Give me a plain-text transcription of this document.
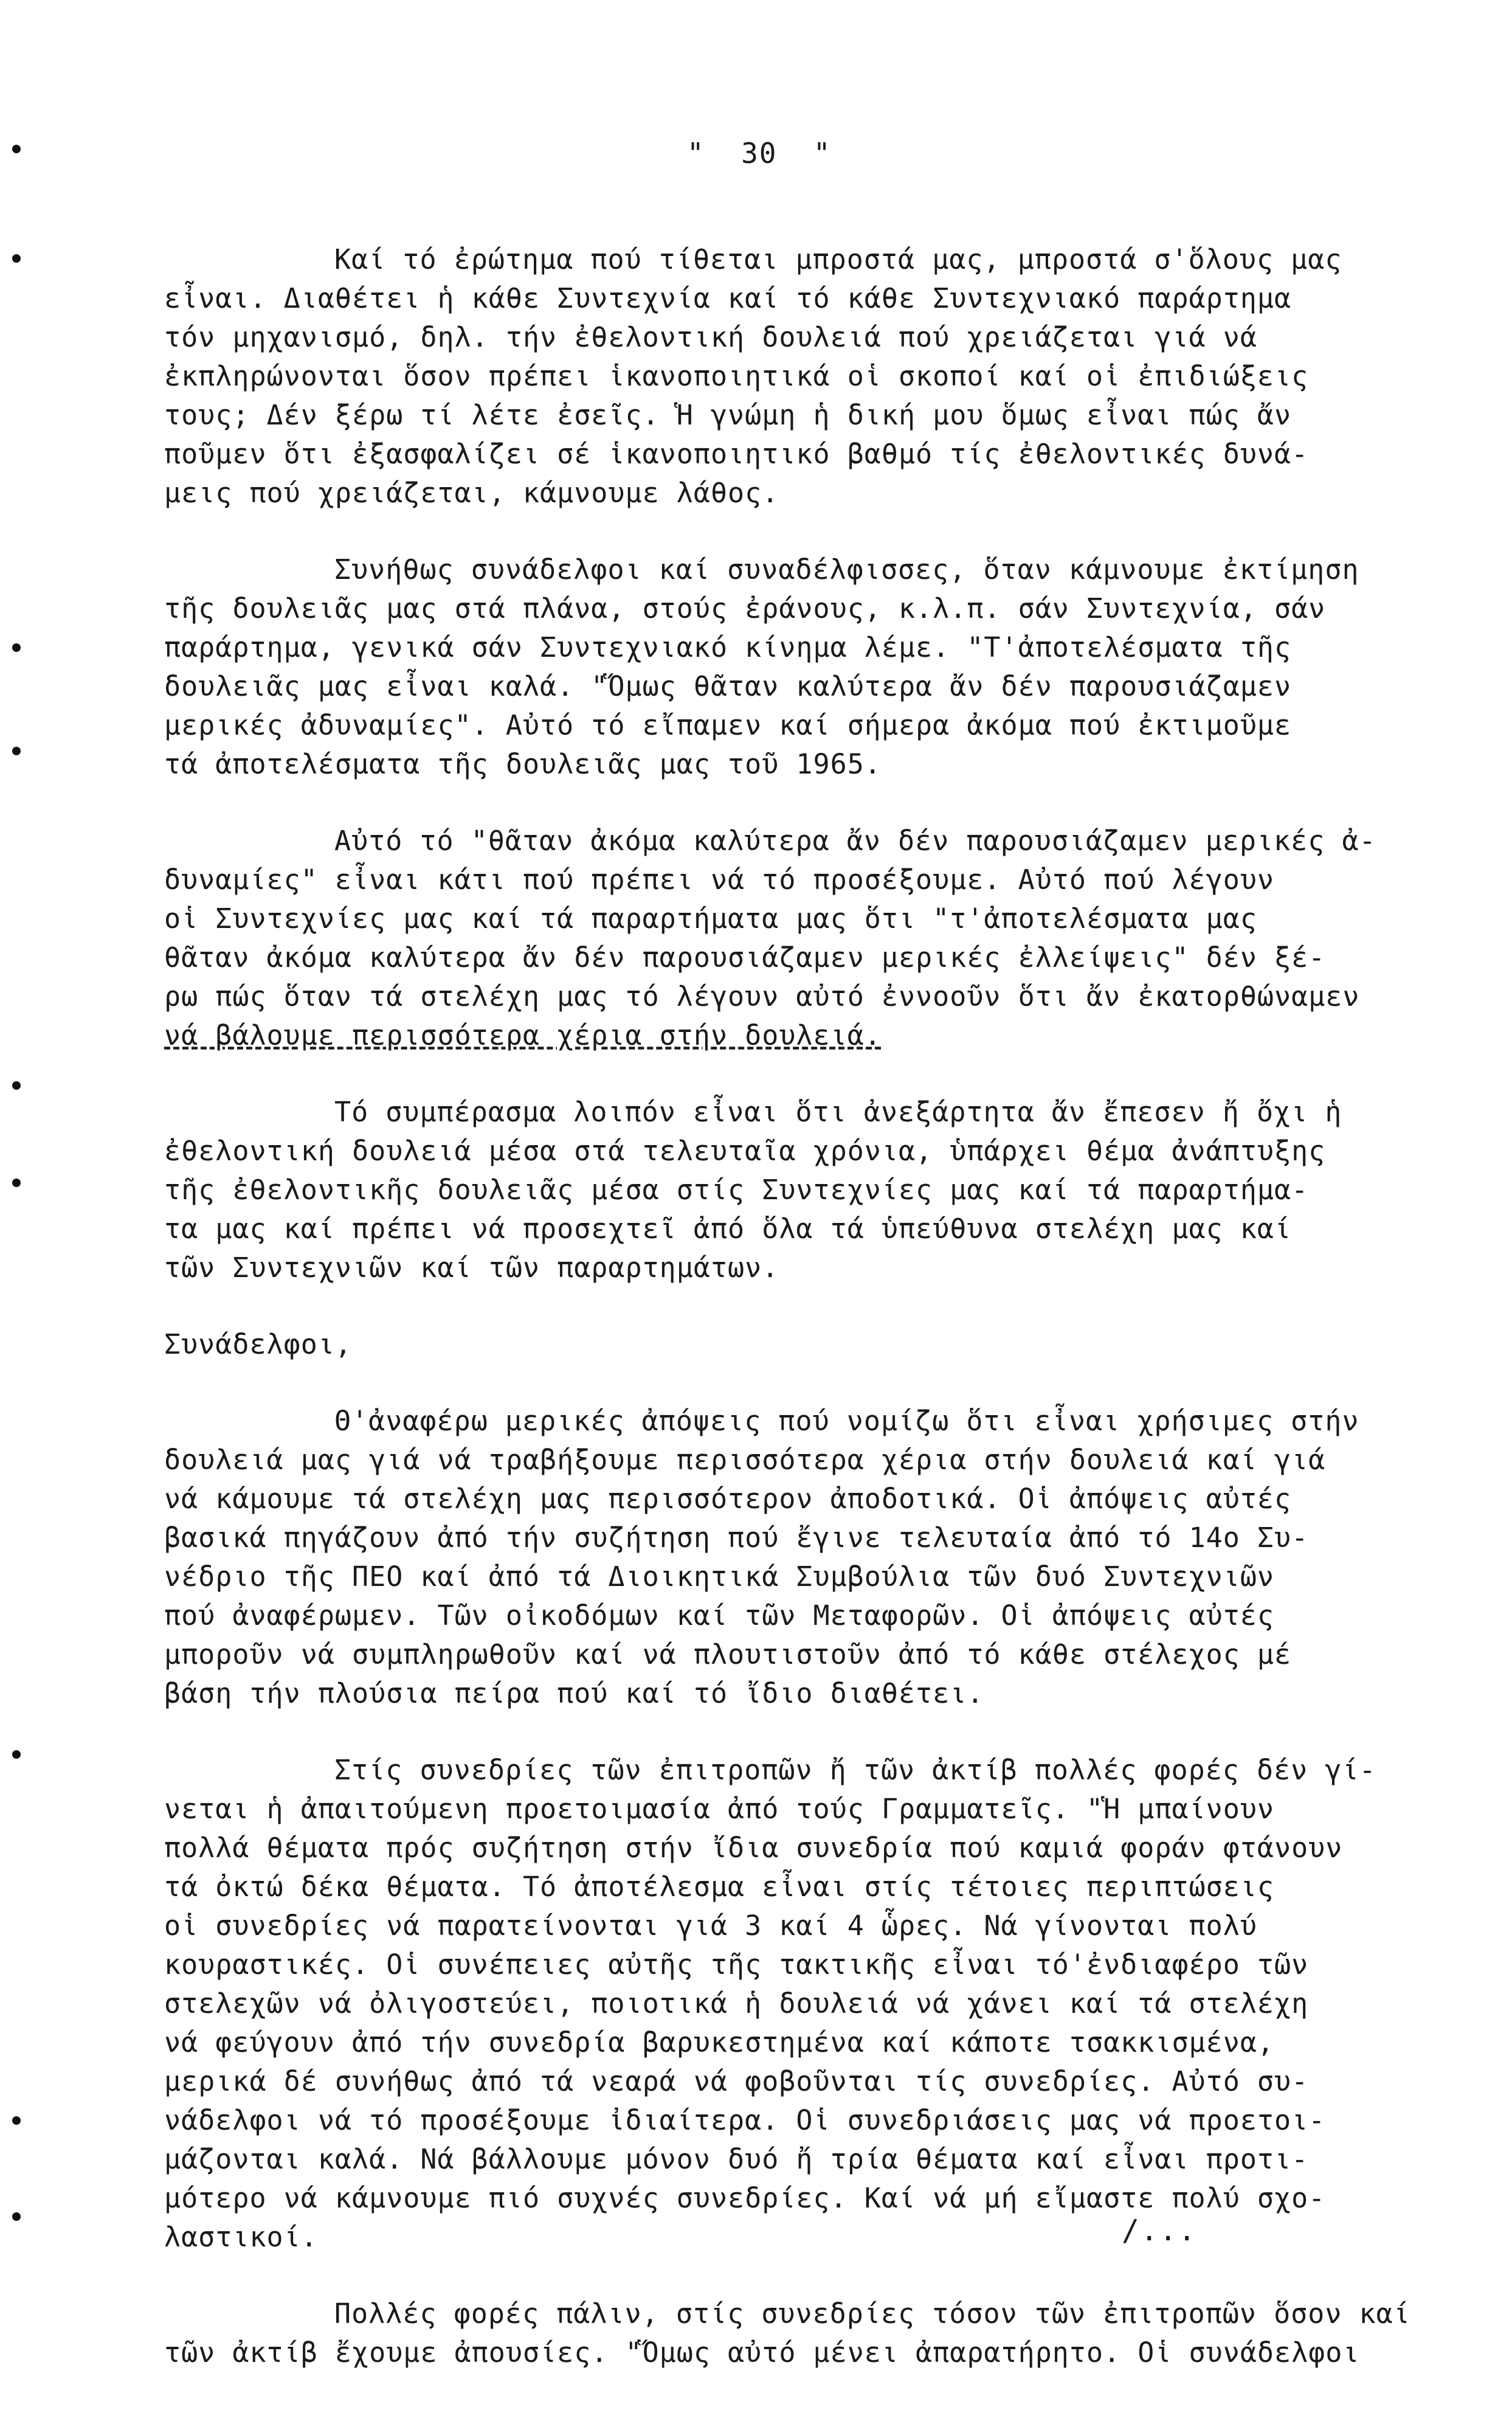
"  30  "
Καί τό ἐρώτημα πού τίθεται μπροστά μας, μπροστά σ'ὅλους μας
εἶναι. Διαθέτει ἡ κάθε Συντεχνία καί τό κάθε Συντεχνιακό παράρτημα
τόν μηχανισμό, δηλ. τήν ἐθελοντική δουλειά πού χρειάζεται γιά νά
ἐκπληρώνονται ὅσον πρέπει ἱκανοποιητικά οἱ σκοποί καί οἱ ἐπιδιώξεις
τους; Δέν ξέρω τί λέτε ἐσεῖς. Ἡ γνώμη ἡ δική μου ὅμως εἶναι πώς ἄν
ποῦμεν ὅτι ἐξασφαλίζει σέ ἱκανοποιητικό βαθμό τίς ἐθελοντικές δυνά-
μεις πού χρειάζεται, κάμνουμε λάθος.
Συνήθως συνάδελφοι καί συναδέλφισσες, ὅταν κάμνουμε ἐκτίμηση
τῆς δουλειᾶς μας στά πλάνα, στούς ἐράνους, κ.λ.π. σάν Συντεχνία, σάν
παράρτημα, γενικά σάν Συντεχνιακό κίνημα λέμε. "Τ'ἀποτελέσματα τῆς
δουλειᾶς μας εἶναι καλά. "Ὅμως θᾶταν καλύτερα ἄν δέν παρουσιάζαμεν
μερικές ἀδυναμίες". Αὐτό τό εἴπαμεν καί σήμερα ἀκόμα πού ἐκτιμοῦμε
τά ἀποτελέσματα τῆς δουλειᾶς μας τοῦ 1965.
Αὐτό τό "θᾶταν ἀκόμα καλύτερα ἄν δέν παρουσιάζαμεν μερικές ἀ-
δυναμίες" εἶναι κάτι πού πρέπει νά τό προσέξουμε. Αὐτό πού λέγουν
οἱ Συντεχνίες μας καί τά παραρτήματα μας ὅτι "τ'ἀποτελέσματα μας
θᾶταν ἀκόμα καλύτερα ἄν δέν παρουσιάζαμεν μερικές ἐλλείψεις" δέν ξέ-
ρω πώς ὅταν τά στελέχη μας τό λέγουν αὐτό ἐννοοῦν ὅτι ἄν ἐκατορθώναμεν
νά βάλουμε περισσότερα χέρια στήν δουλειά.
Τό συμπέρασμα λοιπόν εἶναι ὅτι ἀνεξάρτητα ἄν ἔπεσεν ἤ ὄχι ἡ
ἐθελοντική δουλειά μέσα στά τελευταῖα χρόνια, ὑπάρχει θέμα ἀνάπτυξης
τῆς ἐθελοντικῆς δουλειᾶς μέσα στίς Συντεχνίες μας καί τά παραρτήμα-
τα μας καί πρέπει νά προσεχτεῖ ἀπό ὅλα τά ὑπεύθυνα στελέχη μας καί
τῶν Συντεχνιῶν καί τῶν παραρτημάτων.
Συνάδελφοι,
Θ'ἀναφέρω μερικές ἀπόψεις πού νομίζω ὅτι εἶναι χρήσιμες στήν
δουλειά μας γιά νά τραβήξουμε περισσότερα χέρια στήν δουλειά καί γιά
νά κάμουμε τά στελέχη μας περισσότερον ἀποδοτικά. Οἱ ἀπόψεις αὐτές
βασικά πηγάζουν ἀπό τήν συζήτηση πού ἔγινε τελευταία ἀπό τό 14ο Συ-
νέδριο τῆς ΠΕΟ καί ἀπό τά Διοικητικά Συμβούλια τῶν δυό Συντεχνιῶν
πού ἀναφέρωμεν. Τῶν οἰκοδόμων καί τῶν Μεταφορῶν. Οἱ ἀπόψεις αὐτές
μποροῦν νά συμπληρωθοῦν καί νά πλουτιστοῦν ἀπό τό κάθε στέλεχος μέ
βάση τήν πλούσια πείρα πού καί τό ἴδιο διαθέτει.
Στίς συνεδρίες τῶν ἐπιτροπῶν ἤ τῶν ἀκτίβ πολλές φορές δέν γί-
νεται ἡ ἀπαιτούμενη προετοιμασία ἀπό τούς Γραμματεῖς. "Ἡ μπαίνουν
πολλά θέματα πρός συζήτηση στήν ἴδια συνεδρία πού καμιά φοράν φτάνουν
τά ὀκτώ δέκα θέματα. Τό ἀποτέλεσμα εἶναι στίς τέτοιες περιπτώσεις
οἱ συνεδρίες νά παρατείνονται γιά 3 καί 4 ὧρες. Νά γίνονται πολύ
κουραστικές. Οἱ συνέπειες αὐτῆς τῆς τακτικῆς εἶναι τό'ἐνδιαφέρο τῶν
στελεχῶν νά ὀλιγοστεύει, ποιοτικά ἡ δουλειά νά χάνει καί τά στελέχη
νά φεύγουν ἀπό τήν συνεδρία βαρυκεστημένα καί κάποτε τσακκισμένα,
μερικά δέ συνήθως ἀπό τά νεαρά νά φοβοῦνται τίς συνεδρίες. Αὐτό συ-
νάδελφοι νά τό προσέξουμε ἰδιαίτερα. Οἱ συνεδριάσεις μας νά προετοι-
μάζονται καλά. Νά βάλλουμε μόνον δυό ἤ τρία θέματα καί εἶναι προτι-
μότερο νά κάμνουμε πιό συχνές συνεδρίες. Καί νά μή εἴμαστε πολύ σχο-
λαστικοί.
Πολλές φορές πάλιν, στίς συνεδρίες τόσον τῶν ἐπιτροπῶν ὅσον καί
τῶν ἀκτίβ ἔχουμε ἀπουσίες. "Ὅμως αὐτό μένει ἀπαρατήρητο. Οἱ συνάδελφοι
/...
